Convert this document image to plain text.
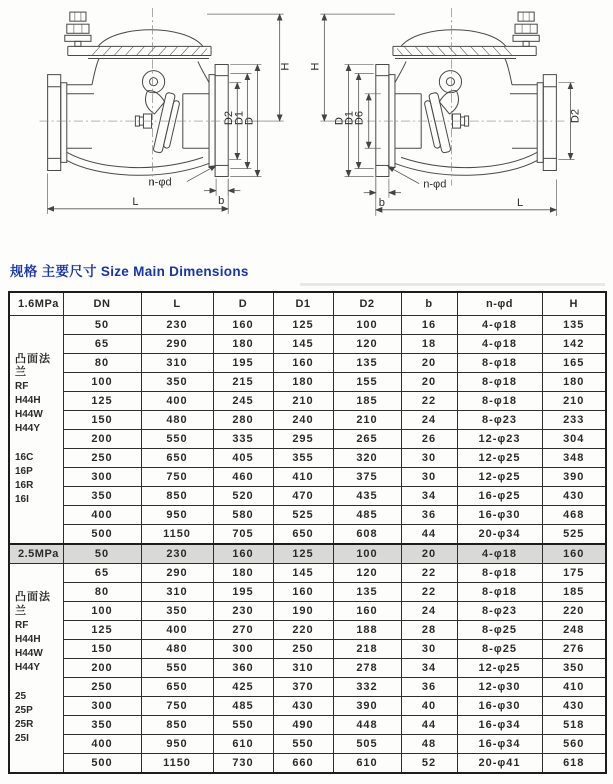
H
D
D1
D2
n-φd
b
L
H
D
D1
D6	D2
b
n-φd
L
规格 主要尺寸 Size Main Dimensions
1.6MPa	DN	L	D	D1	D2	b	n-φd	H

凸面法兰
RF
H44H
H44W
H44Y
16C
16P
16R
16I
	50	230	160	125	100	16	4-φ18	135
	65	290	180	145	120	18	4-φ18	142
	80	310	195	160	135	20	8-φ18	165
	100	350	215	180	155	20	8-φ18	180
	125	400	245	210	185	22	8-φ18	210
	150	480	280	240	210	24	8-φ23	233
	200	550	335	295	265	26	12-φ23	304
	250	650	405	355	320	30	12-φ25	348
	300	750	460	410	375	30	12-φ25	390
	350	850	520	470	435	34	16-φ25	430
	400	950	580	525	485	36	16-φ30	468
	500	1150	705	650	608	44	20-φ34	525
2.5MPa	50	230	160	125	100	20	4-φ18	160

凸面法兰
RF
H44H
H44W
H44Y
25
25P
25R
25I
	65	290	180	145	120	22	8-φ18	175
	80	310	195	160	135	22	8-φ18	185
	100	350	230	190	160	24	8-φ23	220
	125	400	270	220	188	28	8-φ25	248
	150	480	300	250	218	30	8-φ25	276
	200	550	360	310	278	34	12-φ25	350
	250	650	425	370	332	36	12-φ30	410
	300	750	485	430	390	40	16-φ30	430
	350	850	550	490	448	44	16-φ34	518
	400	950	610	550	505	48	16-φ34	560
	500	1150	730	660	610	52	20-φ41	618
